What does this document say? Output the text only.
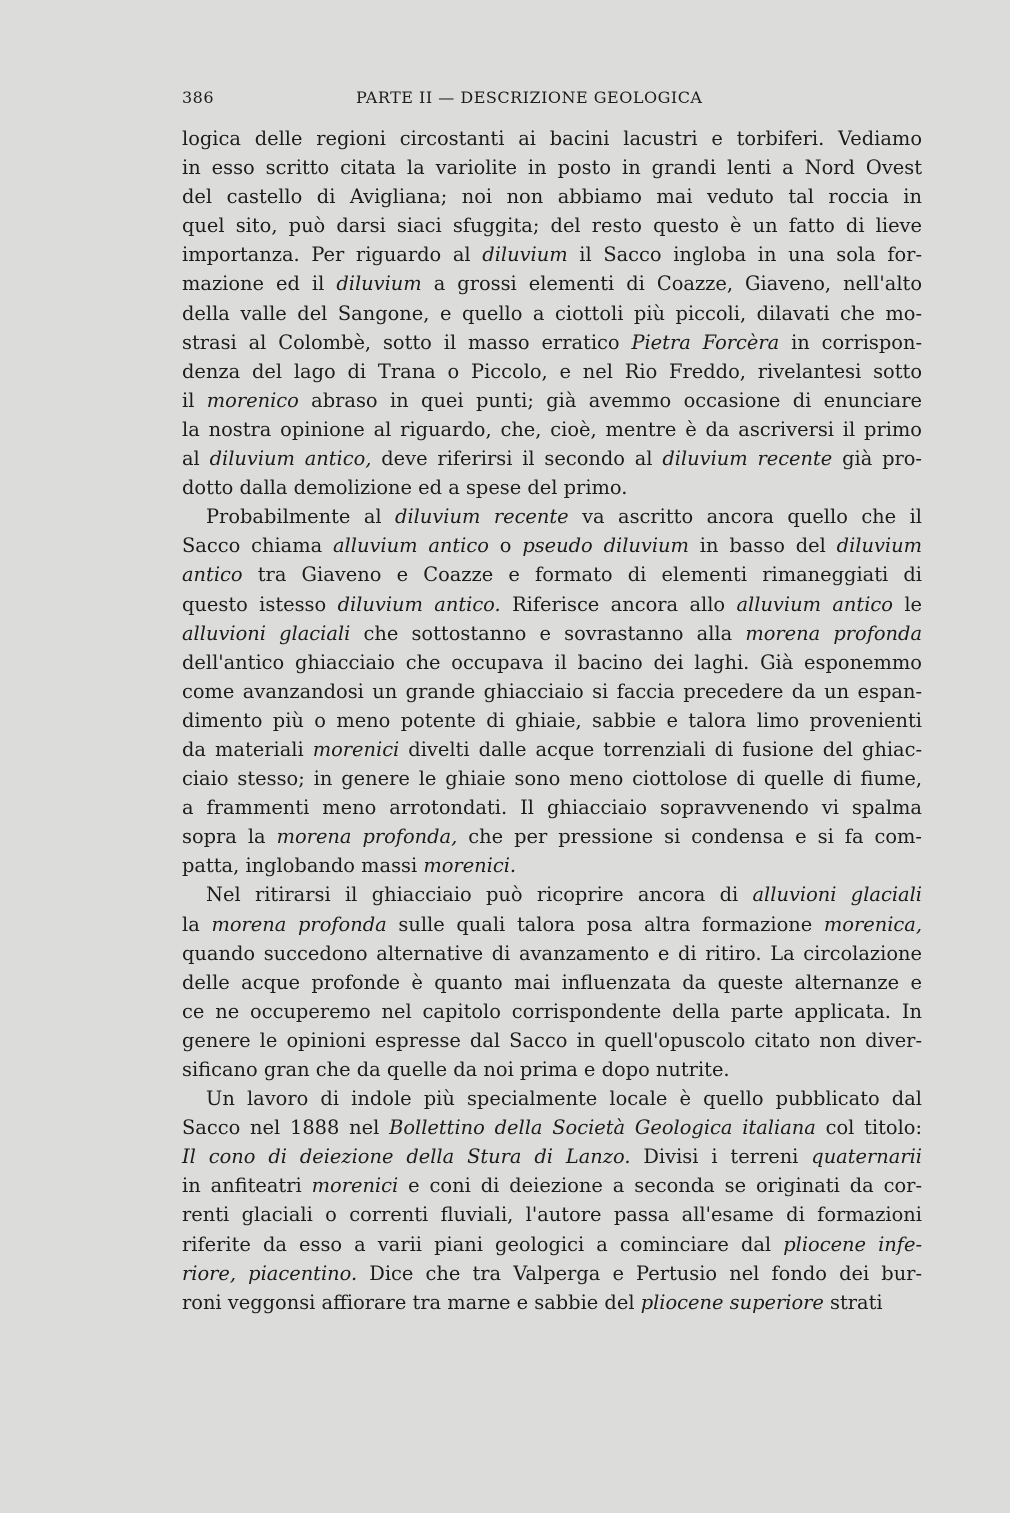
386	PARTE II — DESCRIZIONE GEOLOGICA

logica delle regioni circostanti ai bacini lacustri e torbiferi. Vediamo
in esso scritto citata la variolite in posto in grandi lenti a Nord Ovest
del castello di Avigliana; noi non abbiamo mai veduto tal roccia in
quel sito, può darsi siaci sfuggita; del resto questo è un fatto di lieve
importanza. Per riguardo al diluvium il Sacco ingloba in una sola for-
mazione ed il diluvium a grossi elementi di Coazze, Giaveno, nell'alto
della valle del Sangone, e quello a ciottoli più piccoli, dilavati che mo-
strasi al Colombè, sotto il masso erratico Pietra Forcèra in corrispon-
denza del lago di Trana o Piccolo, e nel Rio Freddo, rivelantesi sotto
il morenico abraso in quei punti; già avemmo occasione di enunciare
la nostra opinione al riguardo, che, cioè, mentre è da ascriversi il primo
al diluvium antico, deve riferirsi il secondo al diluvium recente già pro-
dotto dalla demolizione ed a spese del primo.

Probabilmente al diluvium recente va ascritto ancora quello che il
Sacco chiama alluvium antico o pseudo diluvium in basso del diluvium
antico tra Giaveno e Coazze e formato di elementi rimaneggiati di
questo istesso diluvium antico. Riferisce ancora allo alluvium antico le
alluvioni glaciali che sottostanno e sovrastanno alla morena profonda
dell'antico ghiacciaio che occupava il bacino dei laghi. Già esponemmo
come avanzandosi un grande ghiacciaio si faccia precedere da un espan-
dimento più o meno potente di ghiaie, sabbie e talora limo provenienti
da materiali morenici divelti dalle acque torrenziali di fusione del ghiac-
ciaio stesso; in genere le ghiaie sono meno ciottolose di quelle di fiume,
a frammenti meno arrotondati. Il ghiacciaio sopravvenendo vi spalma
sopra la morena profonda, che per pressione si condensa e si fa com-
patta, inglobando massi morenici.

Nel ritirarsi il ghiacciaio può ricoprire ancora di alluvioni glaciali
la morena profonda sulle quali talora posa altra formazione morenica,
quando succedono alternative di avanzamento e di ritiro. La circolazione
delle acque profonde è quanto mai influenzata da queste alternanze e
ce ne occuperemo nel capitolo corrispondente della parte applicata. In
genere le opinioni espresse dal Sacco in quell'opuscolo citato non diver-
sificano gran che da quelle da noi prima e dopo nutrite.

Un lavoro di indole più specialmente locale è quello pubblicato dal
Sacco nel 1888 nel Bollettino della Società Geologica italiana col titolo:
Il cono di deiezione della Stura di Lanzo. Divisi i terreni quaternarii
in anfiteatri morenici e coni di deiezione a seconda se originati da cor-
renti glaciali o correnti fluviali, l'autore passa all'esame di formazioni
riferite da esso a varii piani geologici a cominciare dal pliocene infe-
riore, piacentino. Dice che tra Valperga e Pertusio nel fondo dei bur-
roni veggonsi affiorare tra marne e sabbie del pliocene superiore strati
